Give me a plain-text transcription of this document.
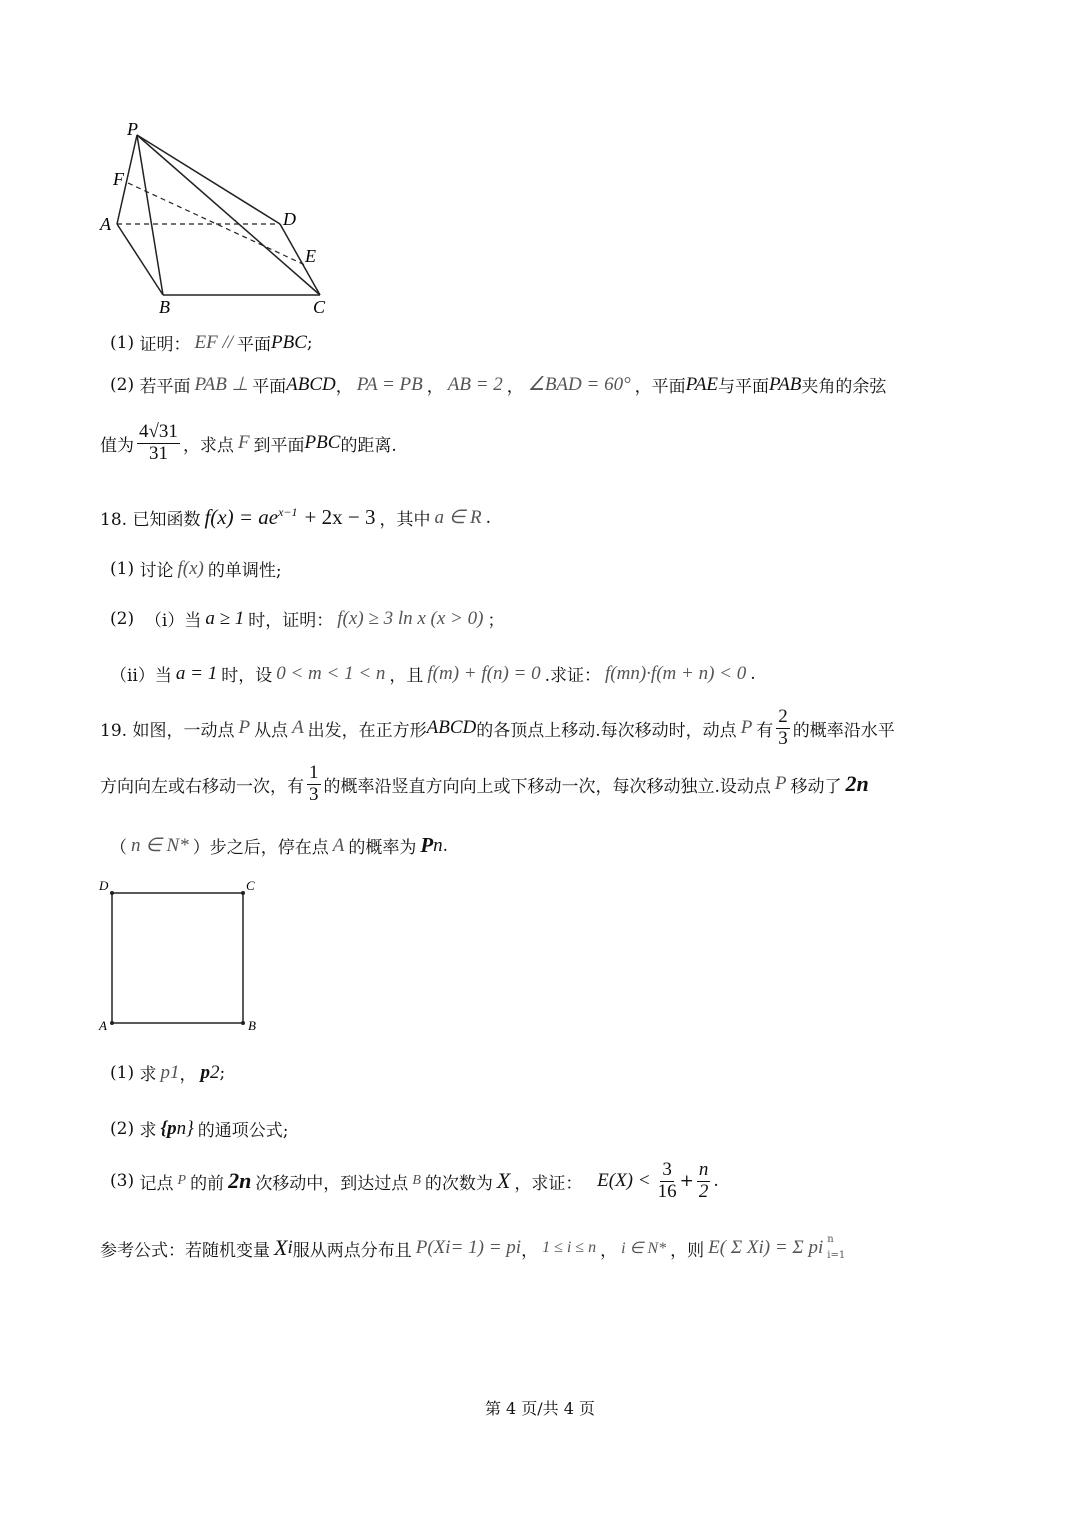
P
F
A	D
E
B	C
(1)
证明： EF // 平面 PBC ;
(2)
若平面 PAB ⊥ 平面 ABCD ， PA = PB ， AB = 2 ， ∠BAD = 60° ，平面 PAE 与平面 PAB 夹角的余弦
值为 $\frac{4√31}{31}$ ，求点 F 到平面 PBC 的距离.
18. 已知函数 $f(x) = ae^{x-1} + 2x - 3$ ，其中 a ∈ R .
(1)
讨论 f(x) 的单调性;
(2)
（ⅰ）当 a ≥ 1 时，证明： f(x) ≥ 3 ln x (x > 0) ；
（ⅱ）当 a = 1 时，设 0 < m < 1 < n ，且 f(m) + f(n) = 0 .求证： f(mn)·f(m + n) < 0 .
19. 如图，一动点 P 从点 A 出发，在正方形 ABCD 的各顶点上移动.每次移动时，动点 P 有 $\frac{2}{3}$ 的概率沿水平
方向向左或右移动一次，有 $\frac{1}{3}$ 的概率沿竖直方向向上或下移动一次，每次移动独立.设动点 P 移动了 2n
（ n ∈ N* ）步之后，停在点 A 的概率为 P n .
D	C
A	B
(1)
求 p 1 ， p 2 ;
(2)
求 {p n } 的通项公式;
(3)
记点 P 的前 2n 次移动中，到达过点 B 的次数为 X ，求证：
$E(X) < \frac{3}{16} + \frac{n}{2}$ .
参考公式：若随机变量 X i 服从两点分布且 P(X i = 1) = p i ， 1 ≤ i ≤ n ， i ∈ N* ，则 E( Σ X i ) = Σ p i n
i=1
第 4 页/共 4 页
